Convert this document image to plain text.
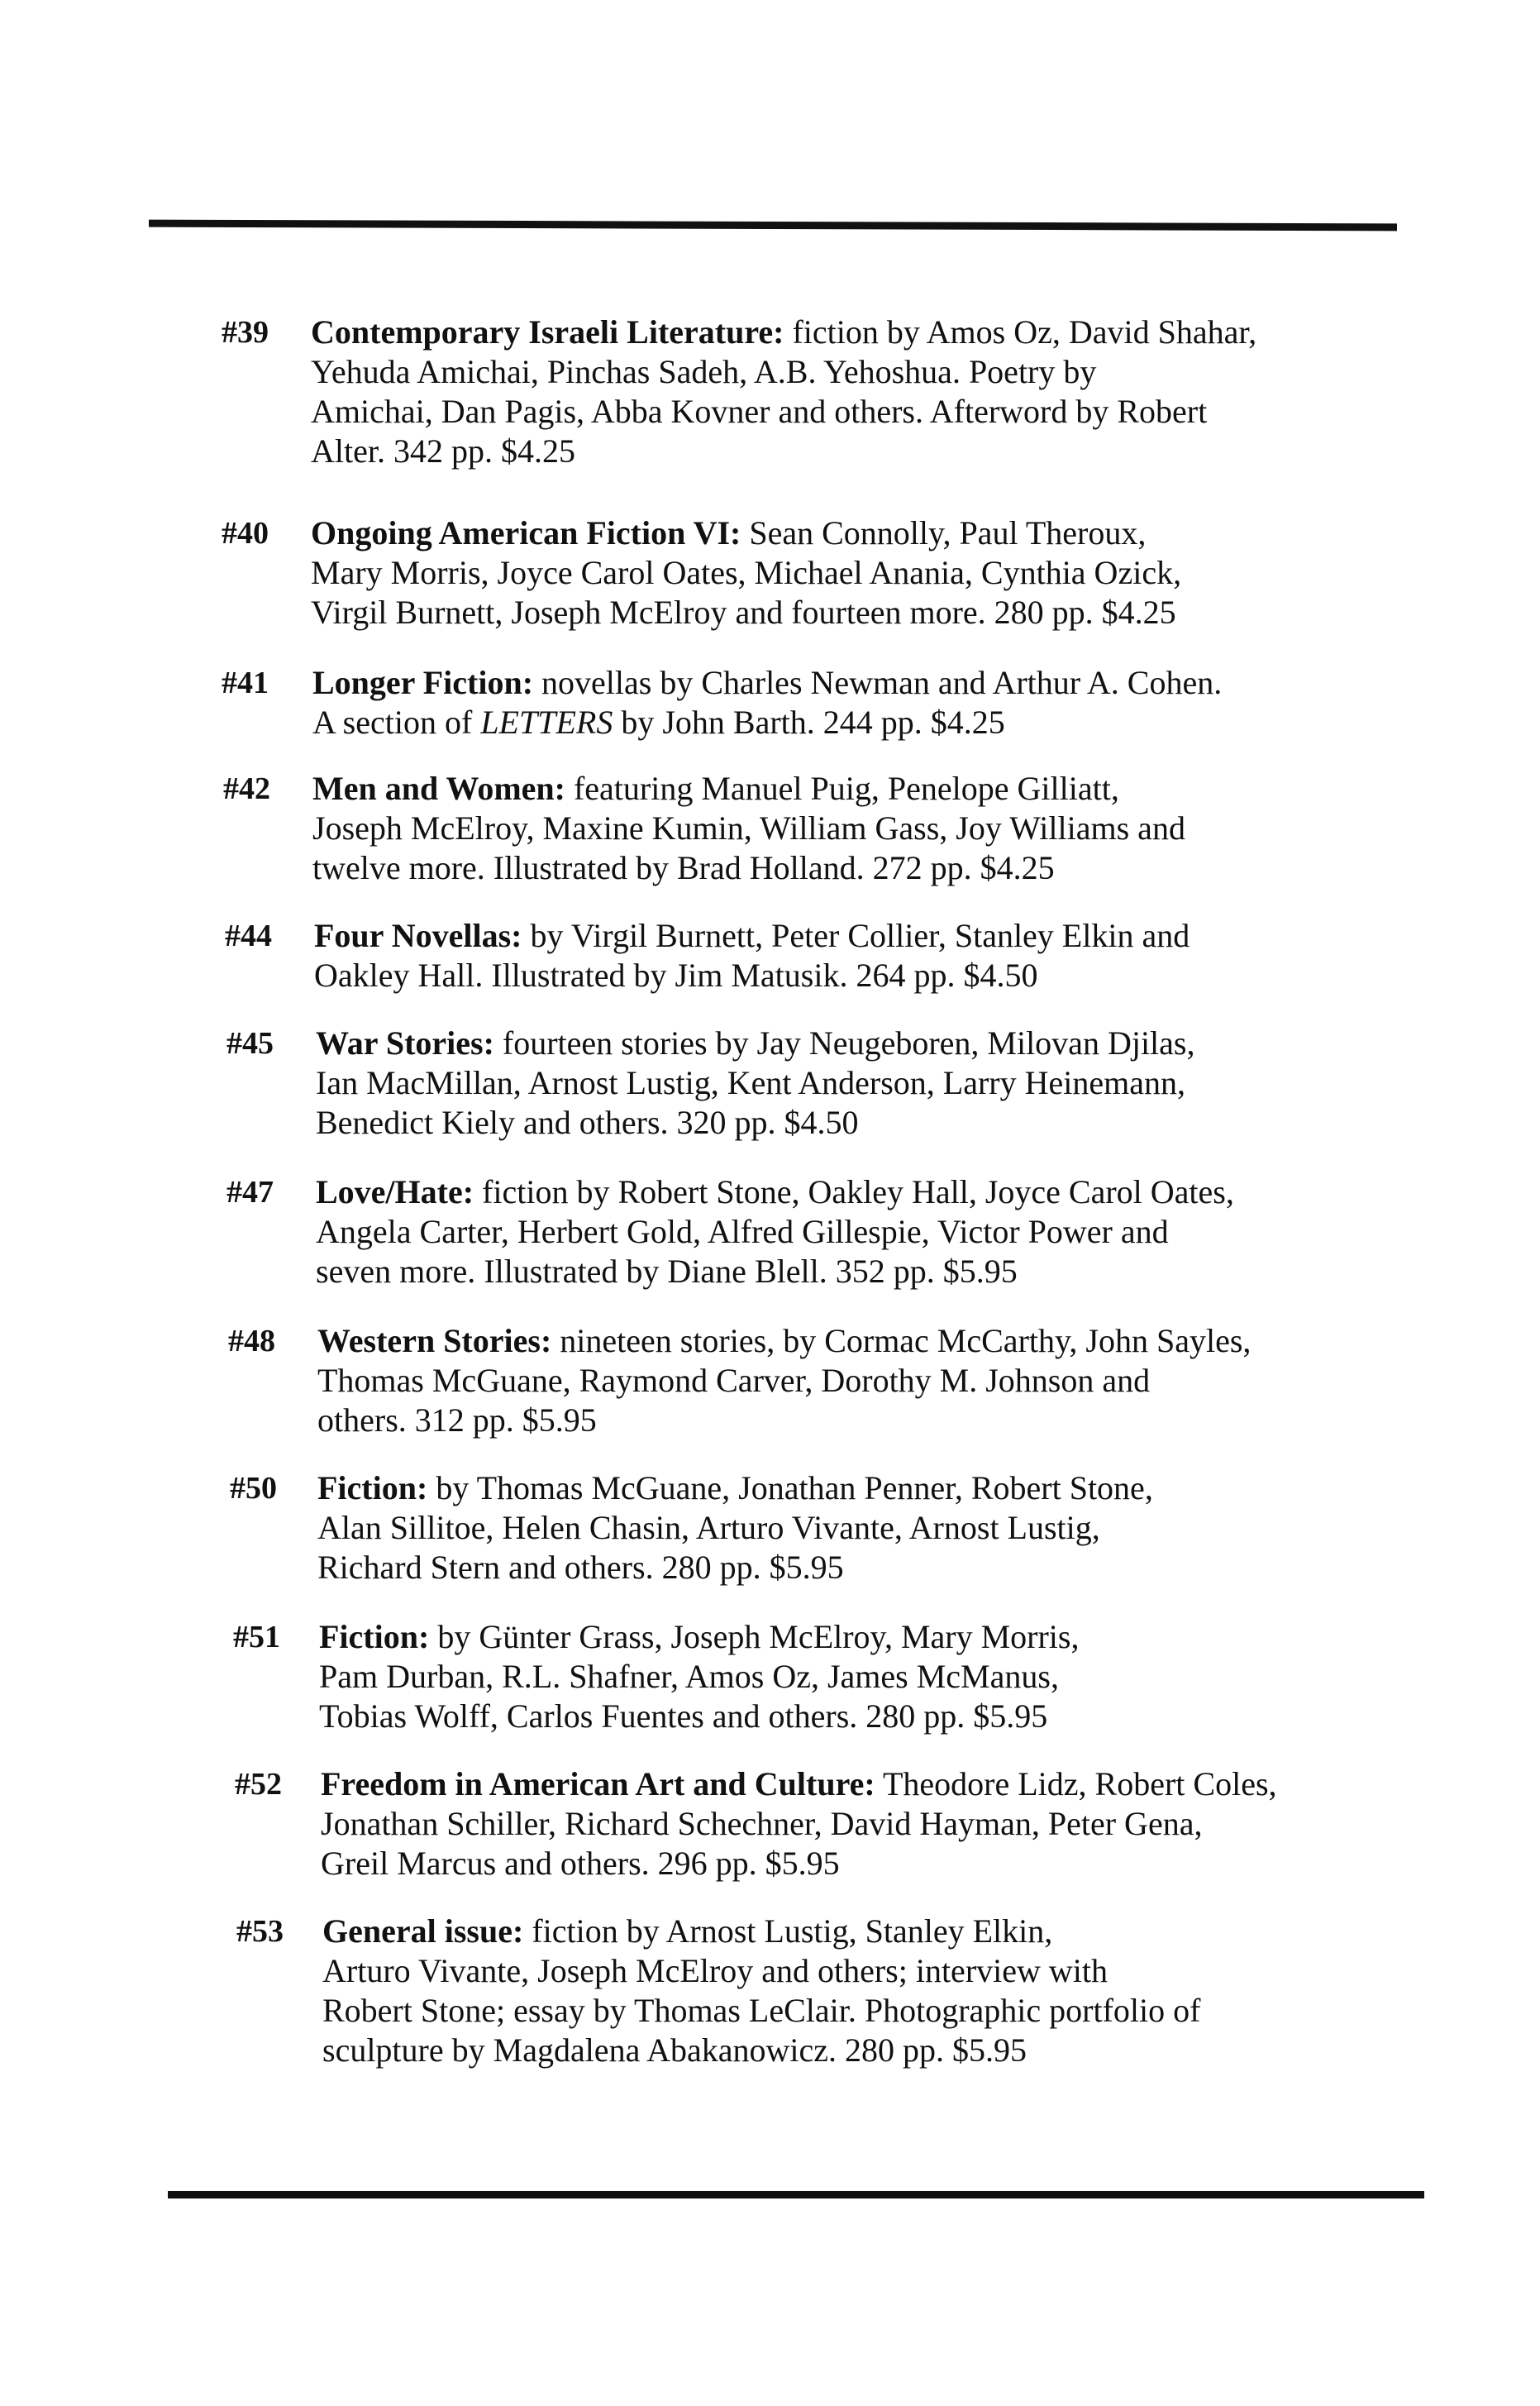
#39 Contemporary Israeli Literature: fiction by Amos Oz, David Shahar,
Yehuda Amichai, Pinchas Sadeh, A.B. Yehoshua. Poetry by
Amichai, Dan Pagis, Abba Kovner and others. Afterword by Robert
Alter. 342 pp. $4.25
#40 Ongoing American Fiction VI: Sean Connolly, Paul Theroux,
Mary Morris, Joyce Carol Oates, Michael Anania, Cynthia Ozick,
Virgil Burnett, Joseph McElroy and fourteen more. 280 pp. $4.25
#41 Longer Fiction: novellas by Charles Newman and Arthur A. Cohen.
A section of LETTERS by John Barth. 244 pp. $4.25
#42 Men and Women: featuring Manuel Puig, Penelope Gilliatt,
Joseph McElroy, Maxine Kumin, William Gass, Joy Williams and
twelve more. Illustrated by Brad Holland. 272 pp. $4.25
#44 Four Novellas: by Virgil Burnett, Peter Collier, Stanley Elkin and
Oakley Hall. Illustrated by Jim Matusik. 264 pp. $4.50
#45 War Stories: fourteen stories by Jay Neugeboren, Milovan Djilas,
Ian MacMillan, Arnost Lustig, Kent Anderson, Larry Heinemann,
Benedict Kiely and others. 320 pp. $4.50
#47 Love/Hate: fiction by Robert Stone, Oakley Hall, Joyce Carol Oates,
Angela Carter, Herbert Gold, Alfred Gillespie, Victor Power and
seven more. Illustrated by Diane Blell. 352 pp. $5.95
#48 Western Stories: nineteen stories, by Cormac McCarthy, John Sayles,
Thomas McGuane, Raymond Carver, Dorothy M. Johnson and
others. 312 pp. $5.95
#50 Fiction: by Thomas McGuane, Jonathan Penner, Robert Stone,
Alan Sillitoe, Helen Chasin, Arturo Vivante, Arnost Lustig,
Richard Stern and others. 280 pp. $5.95
#51 Fiction: by Günter Grass, Joseph McElroy, Mary Morris,
Pam Durban, R.L. Shafner, Amos Oz, James McManus,
Tobias Wolff, Carlos Fuentes and others. 280 pp. $5.95
#52 Freedom in American Art and Culture: Theodore Lidz, Robert Coles,
Jonathan Schiller, Richard Schechner, David Hayman, Peter Gena,
Greil Marcus and others. 296 pp. $5.95
#53 General issue: fiction by Arnost Lustig, Stanley Elkin,
Arturo Vivante, Joseph McElroy and others; interview with
Robert Stone; essay by Thomas LeClair. Photographic portfolio of
sculpture by Magdalena Abakanowicz. 280 pp. $5.95
